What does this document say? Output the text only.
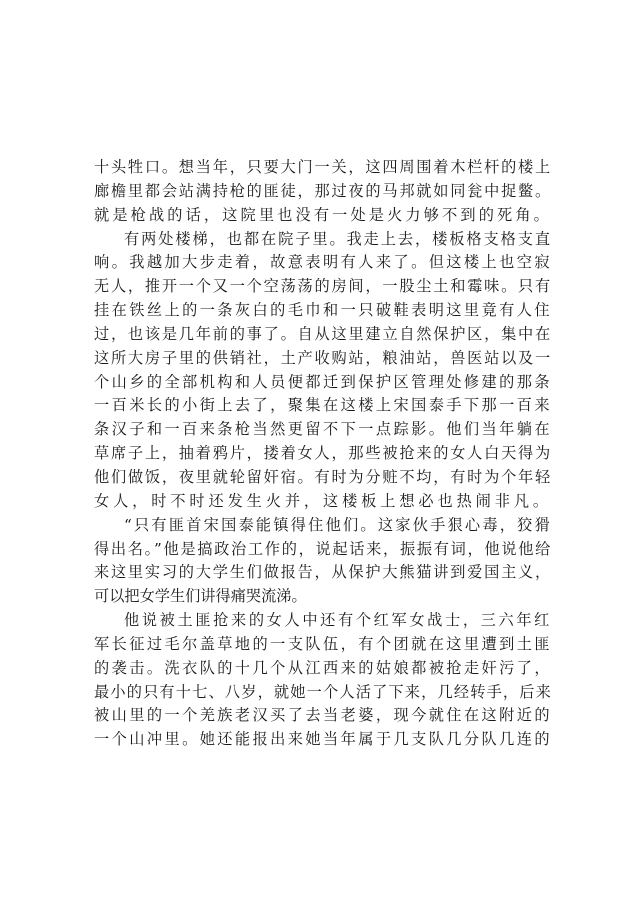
十头牲口。想当年，只要大门一关，这四周围着木栏杆的楼上
廊檐里都会站满持枪的匪徒，那过夜的马邦就如同瓮中捉鳖。
就是枪战的话，这院里也没有一处是火力够不到的死角。
有两处楼梯，也都在院子里。我走上去，楼板格支格支直
响。我越加大步走着，故意表明有人来了。但这楼上也空寂
无人，推开一个又一个空荡荡的房间，一股尘土和霉味。只有
挂在铁丝上的一条灰白的毛巾和一只破鞋表明这里竟有人住
过，也该是几年前的事了。自从这里建立自然保护区，集中在
这所大房子里的供销社，土产收购站，粮油站，兽医站以及一
个山乡的全部机构和人员便都迁到保护区管理处修建的那条
一百米长的小街上去了，聚集在这楼上宋国泰手下那一百来
条汉子和一百来条枪当然更留不下一点踪影。他们当年躺在
草席子上，抽着鸦片，搂着女人，那些被抢来的女人白天得为
他们做饭，夜里就轮留奸宿。有时为分赃不均，有时为个年轻
女人，时不时还发生火并，这楼板上想必也热闹非凡。
“只有匪首宋国泰能镇得住他们。这家伙手狠心毒，狡猾
得出名。”他是搞政治工作的，说起话来，振振有词，他说他给
来这里实习的大学生们做报告，从保护大熊猫讲到爱国主义，
可以把女学生们讲得痛哭流涕。
他说被土匪抢来的女人中还有个红军女战士，三六年红
军长征过毛尔盖草地的一支队伍，有个团就在这里遭到土匪
的袭击。洗衣队的十几个从江西来的姑娘都被抢走奸污了，
最小的只有十七、八岁，就她一个人活了下来，几经转手，后来
被山里的一个羌族老汉买了去当老婆，现今就住在这附近的
一个山冲里。她还能报出来她当年属于几支队几分队几连的
